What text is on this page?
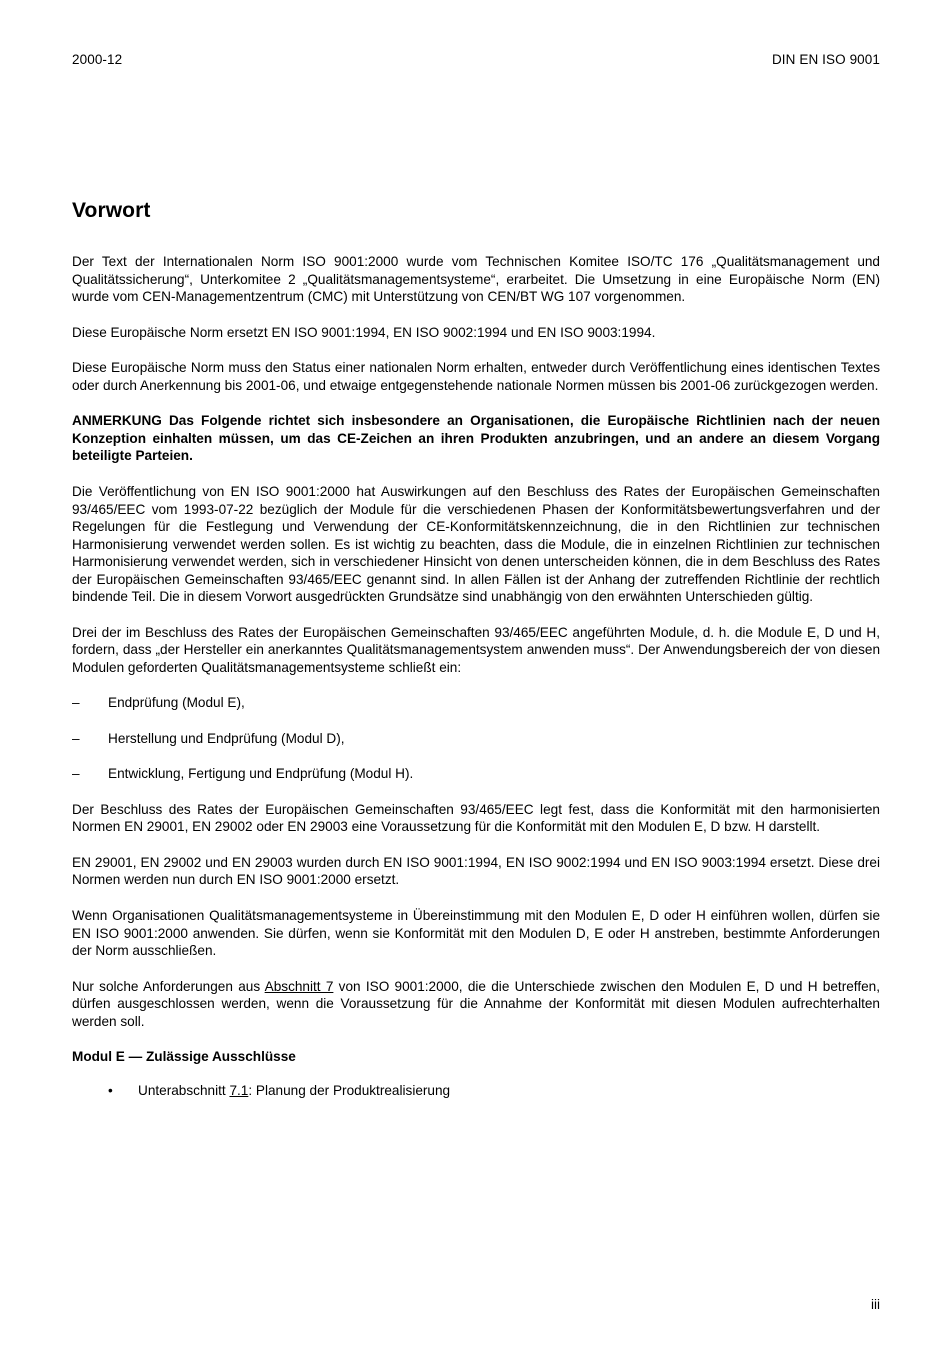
2000-12	DIN EN ISO 9001
Vorwort

Der Text der Internationalen Norm ISO 9001:2000 wurde vom Technischen Komitee ISO/TC 176 „Qualitätsmanagement und Qualitätssicherung“, Unterkomitee 2 „Qualitätsmanagementsysteme“, erarbeitet. Die Umsetzung in eine Europäische Norm (EN) wurde vom CEN-Managementzentrum (CMC) mit Unterstützung von CEN/BT WG 107 vorgenommen.

Diese Europäische Norm ersetzt EN ISO 9001:1994, EN ISO 9002:1994 und EN ISO 9003:1994.

Diese Europäische Norm muss den Status einer nationalen Norm erhalten, entweder durch Veröffentlichung eines identischen Textes oder durch Anerkennung bis 2001-06, und etwaige entgegenstehende nationale Normen müssen bis 2001-06 zurückgezogen werden.

ANMERKUNG Das Folgende richtet sich insbesondere an Organisationen, die Europäische Richtlinien nach der neuen Konzeption einhalten müssen, um das CE-Zeichen an ihren Produkten anzubringen, und an andere an diesem Vorgang beteiligte Parteien.

Die Veröffentlichung von EN ISO 9001:2000 hat Auswirkungen auf den Beschluss des Rates der Europäischen Gemeinschaften 93/465/EEC vom 1993-07-22 bezüglich der Module für die verschiedenen Phasen der Konformitätsbewertungsverfahren und der Regelungen für die Festlegung und Verwendung der CE-Konformitätskennzeichnung, die in den Richtlinien zur technischen Harmonisierung verwendet werden sollen. Es ist wichtig zu beachten, dass die Module, die in einzelnen Richtlinien zur technischen Harmonisierung verwendet werden, sich in verschiedener Hinsicht von denen unterscheiden können, die in dem Beschluss des Rates der Europäischen Gemeinschaften 93/465/EEC genannt sind. In allen Fällen ist der Anhang der zutreffenden Richtlinie der rechtlich bindende Teil. Die in diesem Vorwort ausgedrückten Grundsätze sind unabhängig von den erwähnten Unterschieden gültig.

Drei der im Beschluss des Rates der Europäischen Gemeinschaften 93/465/EEC angeführten Module, d. h. die Module E, D und H, fordern, dass „der Hersteller ein anerkanntes Qualitätsmanagementsystem anwenden muss“. Der Anwendungsbereich der von diesen Modulen geforderten Qualitätsmanagementsysteme schließt ein:

–	Endprüfung (Modul E),
–	Herstellung und Endprüfung (Modul D),
–	Entwicklung, Fertigung und Endprüfung (Modul H).

Der Beschluss des Rates der Europäischen Gemeinschaften 93/465/EEC legt fest, dass die Konformität mit den harmonisierten Normen EN 29001, EN 29002 oder EN 29003 eine Voraussetzung für die Konformität mit den Modulen E, D bzw. H darstellt.

EN 29001, EN 29002 und EN 29003 wurden durch EN ISO 9001:1994, EN ISO 9002:1994 und EN ISO 9003:1994 ersetzt. Diese drei Normen werden nun durch EN ISO 9001:2000 ersetzt.

Wenn Organisationen Qualitätsmanagementsysteme in Übereinstimmung mit den Modulen E, D oder H einführen wollen, dürfen sie EN ISO 9001:2000 anwenden. Sie dürfen, wenn sie Konformität mit den Modulen D, E oder H anstreben, bestimmte Anforderungen der Norm ausschließen.

Nur solche Anforderungen aus Abschnitt 7 von ISO 9001:2000, die die Unterschiede zwischen den Modulen E, D und H betreffen, dürfen ausgeschlossen werden, wenn die Voraussetzung für die Annahme der Konformität mit diesen Modulen aufrechterhalten werden soll.

Modul E — Zulässige Ausschlüsse
•	Unterabschnitt 7.1: Planung der Produktrealisierung
iii
